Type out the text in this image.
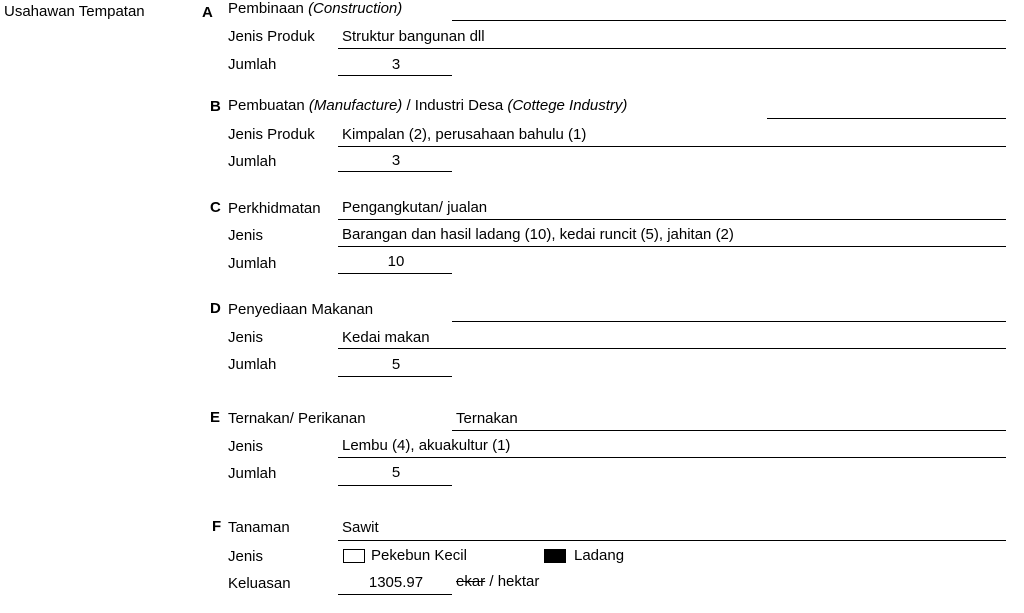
Usahawan Tempatan	A Pembinaan (Construction)
Jenis Produk Struktur bangunan dll
Jumlah	3
B Pembuatan (Manufacture) / Industri Desa (Cottege Industry)
Jenis Produk Kimpalan (2), perusahaan bahulu (1)
Jumlah	3
C Perkhidmatan Pengangkutan/ jualan
Jenis	Barangan dan hasil ladang (10), kedai runcit (5), jahitan (2)
Jumlah	10
D Penyediaan Makanan
Jenis	Kedai makan
Jumlah	5
E Ternakan/ Perikanan	Ternakan
Jenis	Lembu (4), akuakultur (1)
Jumlah	5
F Tanaman	Sawit
Jenis	Pekebun Kecil	Ladang
Keluasan	1305.97	ekar / hektar
